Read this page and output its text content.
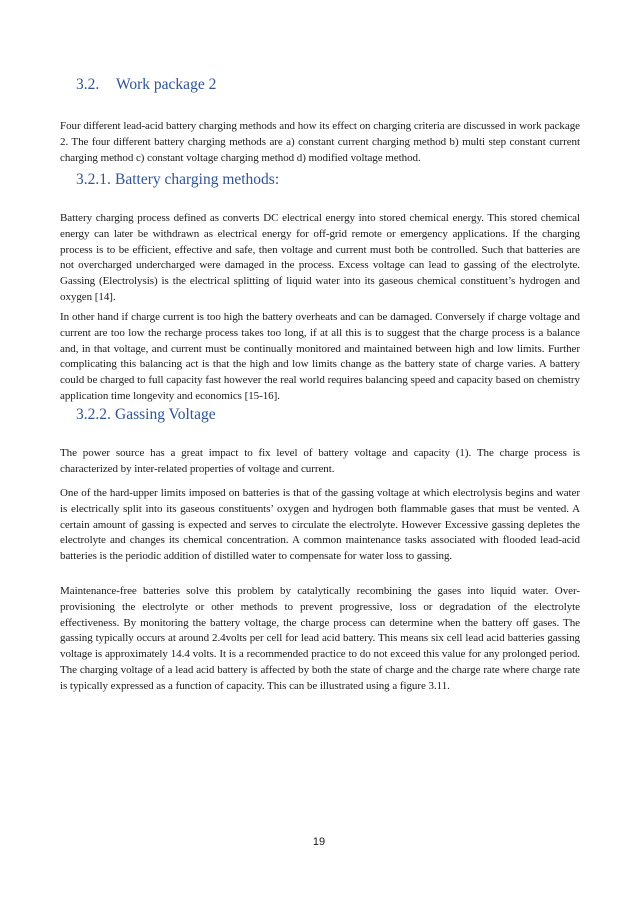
3.2. Work package 2

Four different lead-acid battery charging methods and how its effect on charging criteria are discussed in work package 2. The four different battery charging methods are a) constant current charging method b) multi step constant current charging method c) constant voltage charging method d) modified voltage method.

3.2.1. Battery charging methods:

Battery charging process defined as converts DC electrical energy into stored chemical energy. This stored chemical energy can later be withdrawn as electrical energy for off-grid remote or emergency applications. If the charging process is to be efficient, effective and safe, then voltage and current must both be controlled. Such that batteries are not overcharged undercharged were damaged in the process. Excess voltage can lead to gassing of the electrolyte. Gassing (Electrolysis) is the electrical splitting of liquid water into its gaseous chemical constituent’s hydrogen and oxygen [14].

In other hand if charge current is too high the battery overheats and can be damaged. Conversely if charge voltage and current are too low the recharge process takes too long, if at all this is to suggest that the charge process is a balance and, in that voltage, and current must be continually monitored and maintained between high and low limits. Further complicating this balancing act is that the high and low limits change as the battery state of charge varies. A battery could be charged to full capacity fast however the real world requires balancing speed and capacity based on chemistry application time longevity and economics [15-16].

3.2.2. Gassing Voltage

The power source has a great impact to fix level of battery voltage and capacity (1). The charge process is characterized by inter-related properties of voltage and current.

One of the hard-upper limits imposed on batteries is that of the gassing voltage at which electrolysis begins and water is electrically split into its gaseous constituents’ oxygen and hydrogen both flammable gases that must be vented. A certain amount of gassing is expected and serves to circulate the electrolyte. However Excessive gassing depletes the electrolyte and changes its chemical concentration. A common maintenance tasks associated with flooded lead-acid batteries is the periodic addition of distilled water to compensate for water loss to gassing.

Maintenance-free batteries solve this problem by catalytically recombining the gases into liquid water. Over-provisioning the electrolyte or other methods to prevent progressive, loss or degradation of the electrolyte effectiveness. By monitoring the battery voltage, the charge process can determine when the battery off gases. The gassing typically occurs at around 2.4volts per cell for lead acid battery. This means six cell lead acid batteries gassing voltage is approximately 14.4 volts. It is a recommended practice to do not exceed this value for any prolonged period. The charging voltage of a lead acid battery is affected by both the state of charge and the charge rate where charge rate is typically expressed as a function of capacity. This can be illustrated using a figure 3.11.

19
